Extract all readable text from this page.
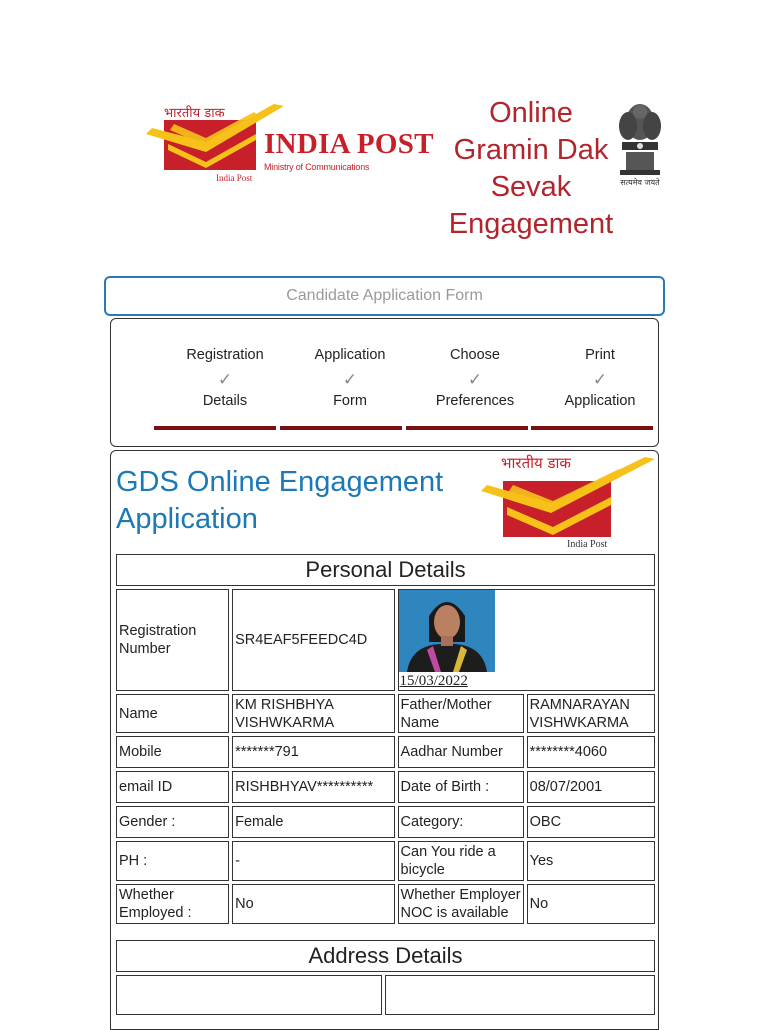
भारतीय डाक
INDIA POST
Ministry of Communications
India Post
Online
Gramin Dak
Sevak
Engagement
सत्यमेव जयते
Candidate Application Form
Registration
✓
Details
Application
✓
Form
Choose
✓
Preferences
Print
✓
Application
GDS Online Engagement
Application
भारतीय डाक
India Post
Personal Details			
Registration Number	SR4EAF5FEEDC4D	15/03/2022	

Name	KM RISHBHYA VISHWKARMA	Father/Mother Name	RAMNARAYAN VISHWKARMA
Mobile	*******791	Aadhar Number	********4060
email ID	RISHBHYAV**********	Date of Birth :	08/07/2001
Gender :	Female	Category:	OBC
PH :	-	Can You ride a bicycle	Yes
Whether Employed :	No	Whether Employer NOC is available	No
Address Details
